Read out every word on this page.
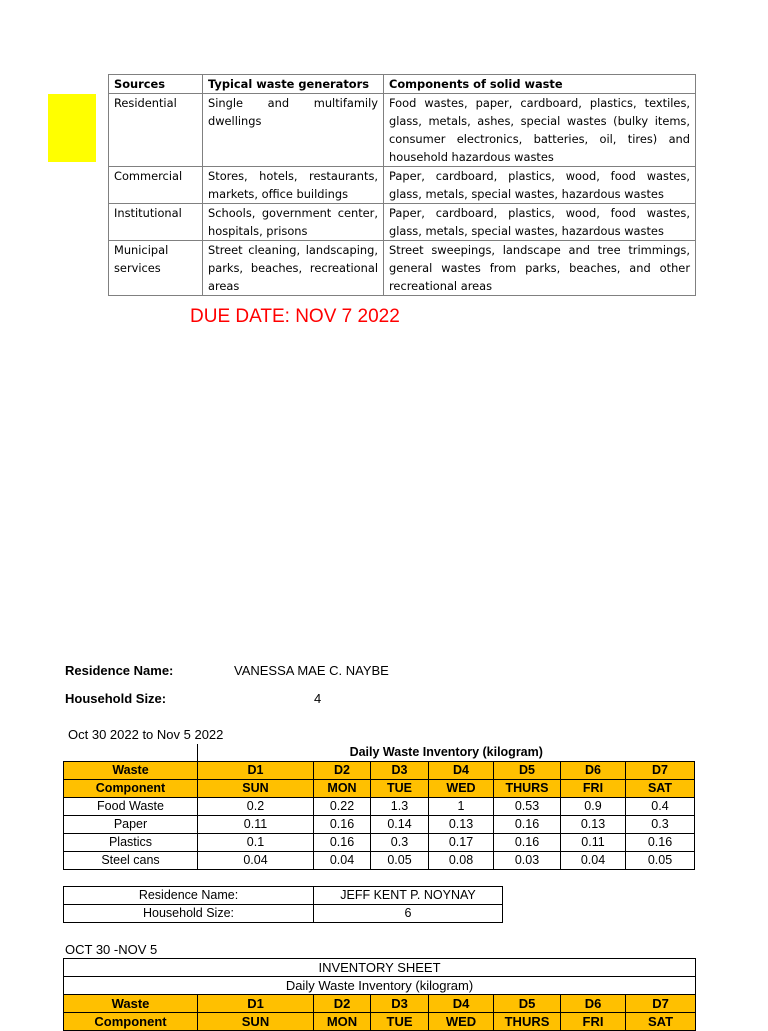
DUE DATE: NOV 7 2022
Sources	Typical waste generators	Components of solid waste
Residential	Single and multifamily dwellings	Food wastes, paper, cardboard, plastics, textiles, glass, metals, ashes, special wastes (bulky items, consumer electronics, batteries, oil, tires) and household hazardous wastes
Commercial	Stores, hotels, restaurants, markets, office buildings	Paper, cardboard, plastics, wood, food wastes, glass, metals, special wastes, hazardous wastes
Institutional	Schools, government center, hospitals, prisons	Paper, cardboard, plastics, wood, food wastes, glass, metals, special wastes, hazardous wastes
Municipal services	Street cleaning, landscaping, parks, beaches, recreational areas	Street sweepings, landscape and tree trimmings, general wastes from parks, beaches, and other recreational areas
Residence Name:	VANESSA MAE C. NAYBE
Household Size:	4
Oct 30 2022 to Nov 5 2022
	Daily Waste Inventory (kilogram)						
Waste	D1	D2	D3	D4	D5	D6	D7
Component	SUN	MON	TUE	WED	THURS	FRI	SAT
Food Waste	0.2	0.22	1.3	1	0.53	0.9	0.4
Paper	0.11	0.16	0.14	0.13	0.16	0.13	0.3
Plastics	0.1	0.16	0.3	0.17	0.16	0.11	0.16
Steel cans	0.04	0.04	0.05	0.08	0.03	0.04	0.05
Residence Name:	JEFF KENT P. NOYNAY
Household Size:	6
OCT 30 -NOV 5
INVENTORY SHEET							
Daily Waste Inventory (kilogram)							
Waste	D1	D2	D3	D4	D5	D6	D7
Component	SUN	MON	TUE	WED	THURS	FRI	SAT
